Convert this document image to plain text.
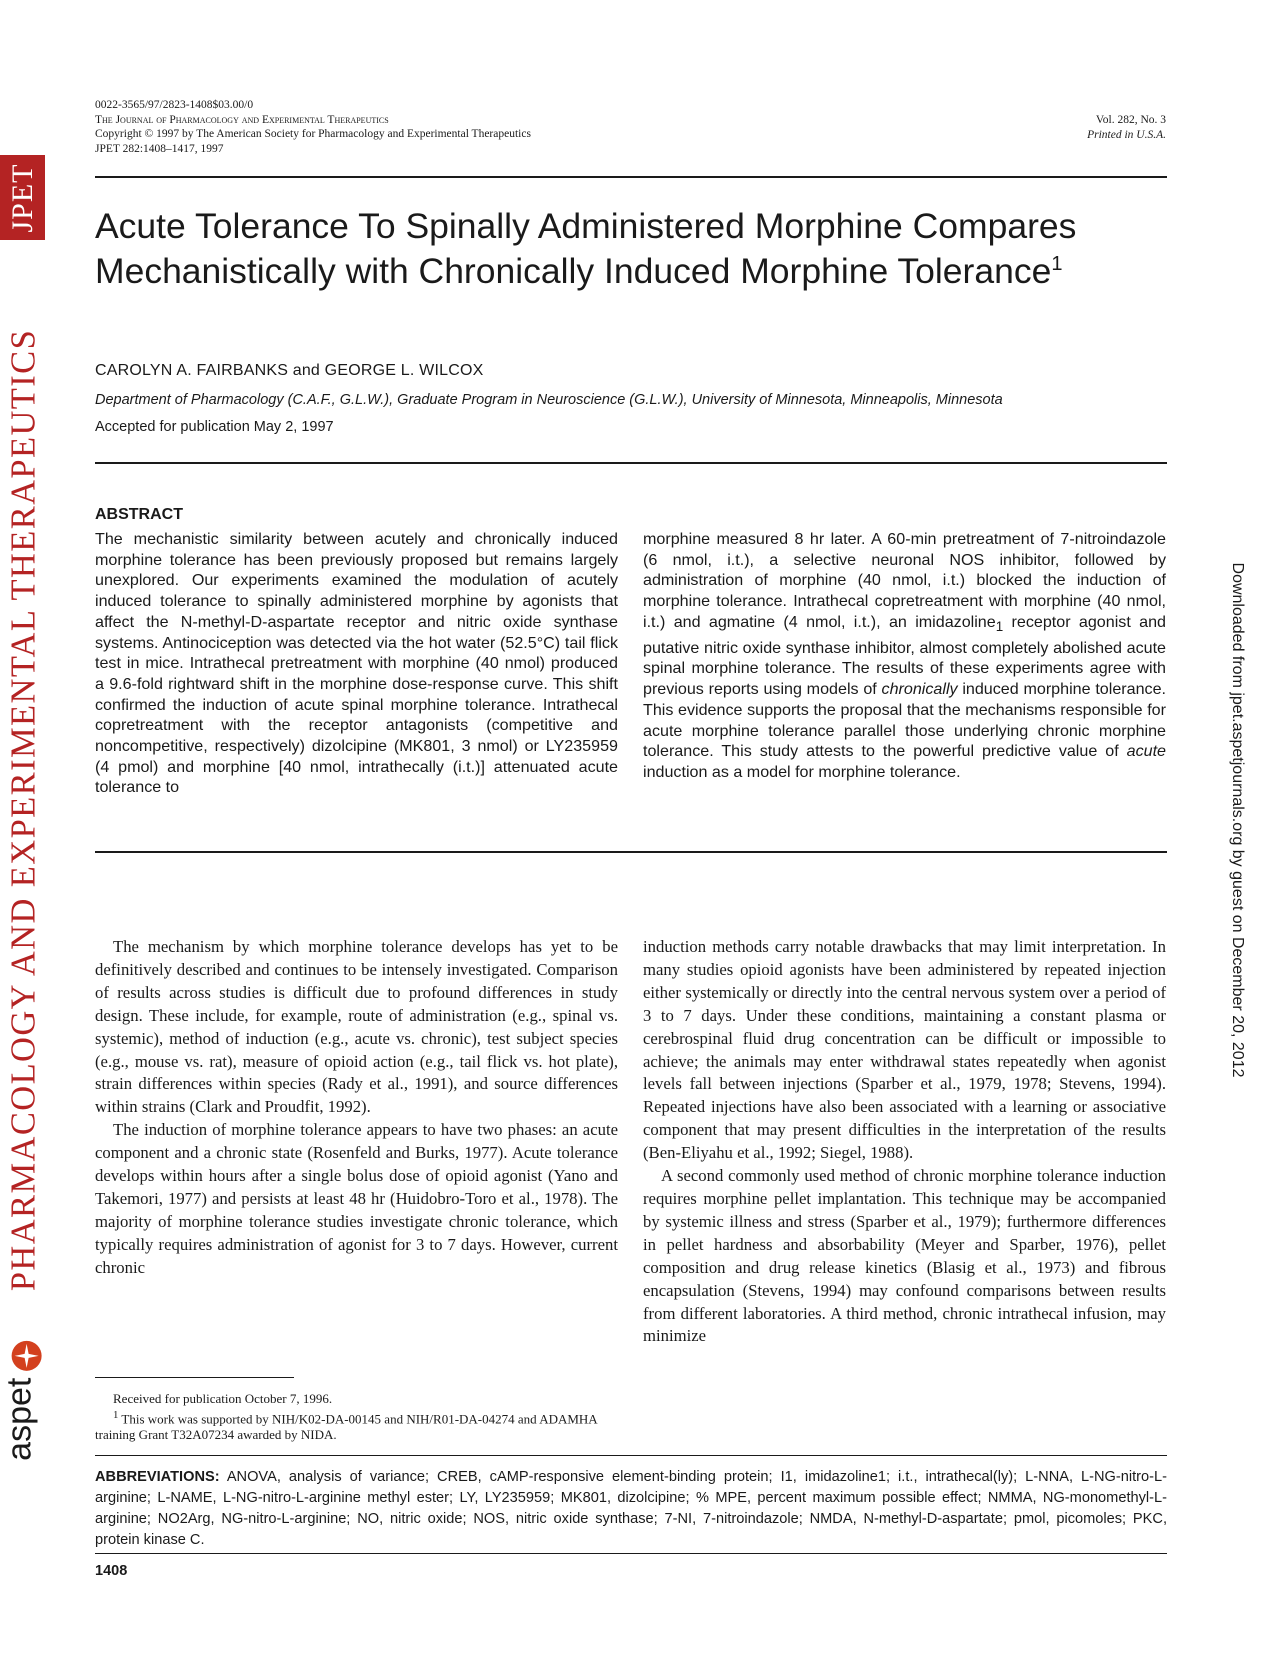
JPET
PHARMACOLOGY AND EXPERIMENTAL THERAPEUTICS
aspet
Downloaded from jpet.aspetjournals.org by guest on December 20, 2012
0022-3565/97/2823-1408$03.00/0
The Journal of Pharmacology and Experimental Therapeutics
Copyright © 1997 by The American Society for Pharmacology and Experimental Therapeutics
JPET 282:1408–1417, 1997
Vol. 282, No. 3
Printed in U.S.A.
Acute Tolerance To Spinally Administered Morphine Compares Mechanistically with Chronically Induced Morphine Tolerance$^1$
CAROLYN A. FAIRBANKS and GEORGE L. WILCOX
Department of Pharmacology (C.A.F., G.L.W.), Graduate Program in Neuroscience (G.L.W.), University of Minnesota, Minneapolis, Minnesota
Accepted for publication May 2, 1997
ABSTRACT
The mechanistic similarity between acutely and chronically induced morphine tolerance has been previously proposed but remains largely unexplored. Our experiments examined the modulation of acutely induced tolerance to spinally administered morphine by agonists that affect the N-methyl-D-aspartate receptor and nitric oxide synthase systems. Antinociception was detected via the hot water (52.5°C) tail flick test in mice. Intrathecal pretreatment with morphine (40 nmol) produced a 9.6-fold rightward shift in the morphine dose-response curve. This shift confirmed the induction of acute spinal morphine tolerance. Intrathecal copretreatment with the receptor antagonists (competitive and noncompetitive, respectively) dizolcipine (MK801, 3 nmol) or LY235959 (4 pmol) and morphine [40 nmol, intrathecally (i.t.)] attenuated acute tolerance to
morphine measured 8 hr later. A 60-min pretreatment of 7-nitroindazole (6 nmol, i.t.), a selective neuronal NOS inhibitor, followed by administration of morphine (40 nmol, i.t.) blocked the induction of morphine tolerance. Intrathecal copretreatment with morphine (40 nmol, i.t.) and agmatine (4 nmol, i.t.), an imidazoline$_1$ receptor agonist and putative nitric oxide synthase inhibitor, almost completely abolished acute spinal morphine tolerance. The results of these experiments agree with previous reports using models of chronically induced morphine tolerance. This evidence supports the proposal that the mechanisms responsible for acute morphine tolerance parallel those underlying chronic morphine tolerance. This study attests to the powerful predictive value of acute induction as a model for morphine tolerance.

The mechanism by which morphine tolerance develops has yet to be definitively described and continues to be intensely investigated. Comparison of results across studies is difficult due to profound differences in study design. These include, for example, route of administration (e.g., spinal vs. systemic), method of induction (e.g., acute vs. chronic), test subject species (e.g., mouse vs. rat), measure of opioid action (e.g., tail flick vs. hot plate), strain differences within species (Rady et al., 1991), and source differences within strains (Clark and Proudfit, 1992).

The induction of morphine tolerance appears to have two phases: an acute component and a chronic state (Rosenfeld and Burks, 1977). Acute tolerance develops within hours after a single bolus dose of opioid agonist (Yano and Takemori, 1977) and persists at least 48 hr (Huidobro-Toro et al., 1978). The majority of morphine tolerance studies investigate chronic tolerance, which typically requires administration of agonist for 3 to 7 days. However, current chronic

induction methods carry notable drawbacks that may limit interpretation. In many studies opioid agonists have been administered by repeated injection either systemically or directly into the central nervous system over a period of 3 to 7 days. Under these conditions, maintaining a constant plasma or cerebrospinal fluid drug concentration can be difficult or impossible to achieve; the animals may enter withdrawal states repeatedly when agonist levels fall between injections (Sparber et al., 1979, 1978; Stevens, 1994). Repeated injections have also been associated with a learning or associative component that may present difficulties in the interpretation of the results (Ben-Eliyahu et al., 1992; Siegel, 1988).

A second commonly used method of chronic morphine tolerance induction requires morphine pellet implantation. This technique may be accompanied by systemic illness and stress (Sparber et al., 1979); furthermore differences in pellet hardness and absorbability (Meyer and Sparber, 1976), pellet composition and drug release kinetics (Blasig et al., 1973) and fibrous encapsulation (Stevens, 1994) may confound comparisons between results from different laboratories. A third method, chronic intrathecal infusion, may minimize

Received for publication October 7, 1996.
$^1$ This work was supported by NIH/K02-DA-00145 and NIH/R01-DA-04274 and ADAMHA training Grant T32A07234 awarded by NIDA.
ABBREVIATIONS: ANOVA, analysis of variance; CREB, cAMP-responsive element-binding protein; I1, imidazoline1; i.t., intrathecal(ly); L-NNA, L-NG-nitro-L-arginine; L-NAME, L-NG-nitro-L-arginine methyl ester; LY, LY235959; MK801, dizolcipine; % MPE, percent maximum possible effect; NMMA, NG-monomethyl-L-arginine; NO2Arg, NG-nitro-L-arginine; NO, nitric oxide; NOS, nitric oxide synthase; 7-NI, 7-nitroindazole; NMDA, N-methyl-D-aspartate; pmol, picomoles; PKC, protein kinase C.
1408
